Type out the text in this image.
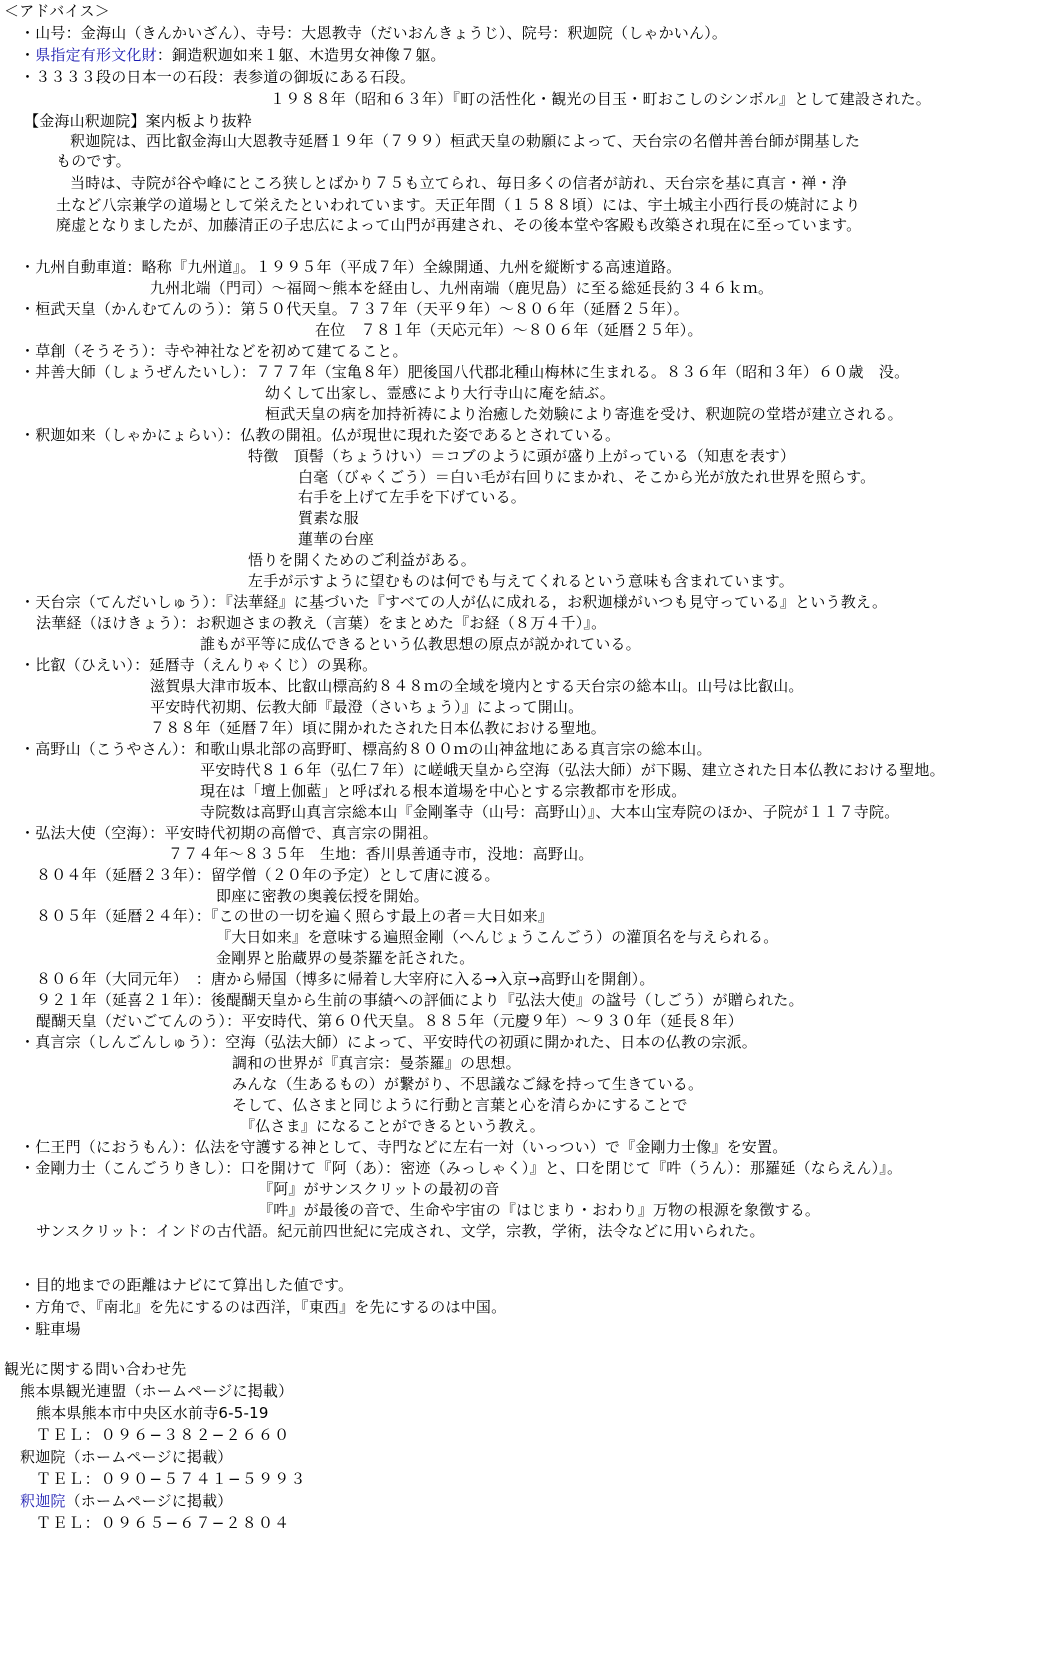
＜アドバイス＞
・山号：金海山（きんかいざん）、寺号：大恩教寺（だいおんきょうじ）、院号：釈迦院（しゃかいん）。
・県指定有形文化財：銅造釈迦如来１躯、木造男女神像７躯。
・３３３３段の日本一の石段：表参道の御坂にある石段。
１９８８年（昭和６３年）『町の活性化・観光の目玉・町おこしのシンボル』として建設された。
【金海山釈迦院】案内板より抜粋
釈迦院は、西比叡金海山大恩教寺延暦１９年（７９９）桓武天皇の勅願によって、天台宗の名僧丼善台師が開基した
ものです。
当時は、寺院が谷や峰にところ狭しとばかり７５も立てられ、毎日多くの信者が訪れ、天台宗を基に真言・禅・浄
土など八宗兼学の道場として栄えたといわれています。天正年間（１５８８頃）には、宇土城主小西行長の焼討により
廃虚となりましたが、加藤清正の子忠広によって山門が再建され、その後本堂や客殿も改築され現在に至っています。
・九州自動車道：略称『九州道』。１９９５年（平成７年）全線開通、九州を縦断する高速道路。
九州北端（門司）〜福岡〜熊本を経由し、九州南端（鹿児島）に至る総延長約３４６ｋｍ。
・桓武天皇（かんむてんのう）：第５０代天皇。７３７年（天平９年）〜８０６年（延暦２５年）。
在位　７８１年（天応元年）〜８０６年（延暦２５年）。
・草創（そうそう）：寺や神社などを初めて建てること。
・丼善大師（しょうぜんたいし）：７７７年（宝亀８年）肥後国八代郡北種山梅林に生まれる。８３６年（昭和３年）６０歳　没。
幼くして出家し、霊感により大行寺山に庵を結ぶ。
桓武天皇の病を加持祈祷により治癒した効験により寄進を受け、釈迦院の堂塔が建立される。
・釈迦如来（しゃかにょらい）：仏教の開祖。仏が現世に現れた姿であるとされている。
特徴　頂髻（ちょうけい）＝コブのように頭が盛り上がっている（知恵を表す）
白毫（びゃくごう）＝白い毛が右回りにまかれ、そこから光が放たれ世界を照らす。
右手を上げて左手を下げている。
質素な服
蓮華の台座
悟りを開くためのご利益がある。
左手が示すように望むものは何でも与えてくれるという意味も含まれています。
・天台宗（てんだいしゅう）：『法華経』に基づいた『すべての人が仏に成れる，お釈迦様がいつも見守っている』という教え。
法華経（ほけきょう）：お釈迦さまの教え（言葉）をまとめた『お経（８万４千）』。
誰もが平等に成仏できるという仏教思想の原点が説かれている。
・比叡（ひえい）：延暦寺（えんりゃくじ）の異称。
滋賀県大津市坂本、比叡山標高約８４８ｍの全域を境内とする天台宗の総本山。山号は比叡山。
平安時代初期、伝教大師『最澄（さいちょう）』によって開山。
７８８年（延暦７年）頃に開かれたされた日本仏教における聖地。
・高野山（こうやさん）：和歌山県北部の高野町、標高約８００ｍの山神盆地にある真言宗の総本山。
平安時代８１６年（弘仁７年）に嵯峨天皇から空海（弘法大師）が下賜、建立された日本仏教における聖地。
現在は「壇上伽藍」と呼ばれる根本道場を中心とする宗教都市を形成。
寺院数は高野山真言宗総本山『金剛峯寺（山号：高野山）』、大本山宝寿院のほか、子院が１１７寺院。
・弘法大使（空海）：平安時代初期の高僧で、真言宗の開祖。
７７４年〜８３５年　生地：香川県善通寺市，没地：高野山。
８０４年（延暦２３年）：留学僧（２０年の予定）として唐に渡る。
即座に密教の奥義伝授を開始。
８０５年（延暦２４年）：『この世の一切を遍く照らす最上の者＝大日如来』
『大日如来』を意味する遍照金剛（へんじょうこんごう）の灌頂名を与えられる。
金剛界と胎蔵界の曼荼羅を託された。
８０６年（大同元年）　：唐から帰国（博多に帰着し大宰府に入る→入京→高野山を開創）。
９２１年（延喜２１年）：後醍醐天皇から生前の事績への評価により『弘法大使』の諡号（しごう）が贈られた。
醍醐天皇（だいごてんのう）：平安時代、第６０代天皇。８８５年（元慶９年）〜９３０年（延長８年）
・真言宗（しんごんしゅう）：空海（弘法大師）によって、平安時代の初頭に開かれた、日本の仏教の宗派。
調和の世界が『真言宗：曼荼羅』の思想。
みんな（生あるもの）が繋がり、不思議なご縁を持って生きている。
そして、仏さまと同じように行動と言葉と心を清らかにすることで
『仏さま』になることができるという教え。
・仁王門（におうもん）：仏法を守護する神として、寺門などに左右一対（いっつい）で『金剛力士像』を安置。
・金剛力士（こんごうりきし）：口を開けて『阿（あ）：密迹（みっしゃく）』と、口を閉じて『吽（うん）：那羅延（ならえん）』。
『阿』がサンスクリットの最初の音
『吽』が最後の音で、生命や宇宙の『はじまり・おわり』万物の根源を象徴する。
サンスクリット：インドの古代語。紀元前四世紀に完成され、文学，宗教，学術，法令などに用いられた。
・目的地までの距離はナビにて算出した値です。
・方角で、『南北』を先にするのは西洋，『東西』を先にするのは中国。
・駐車場
観光に関する問い合わせ先
熊本県観光連盟（ホームページに掲載）
熊本県熊本市中央区水前寺6-5-19
ＴＥＬ：０９６−３８２−２６６０
釈迦院（ホームページに掲載）
ＴＥＬ：０９０−５７４１−５９９３
釈迦院（ホームページに掲載）
ＴＥＬ：０９６５−６７−２８０４
